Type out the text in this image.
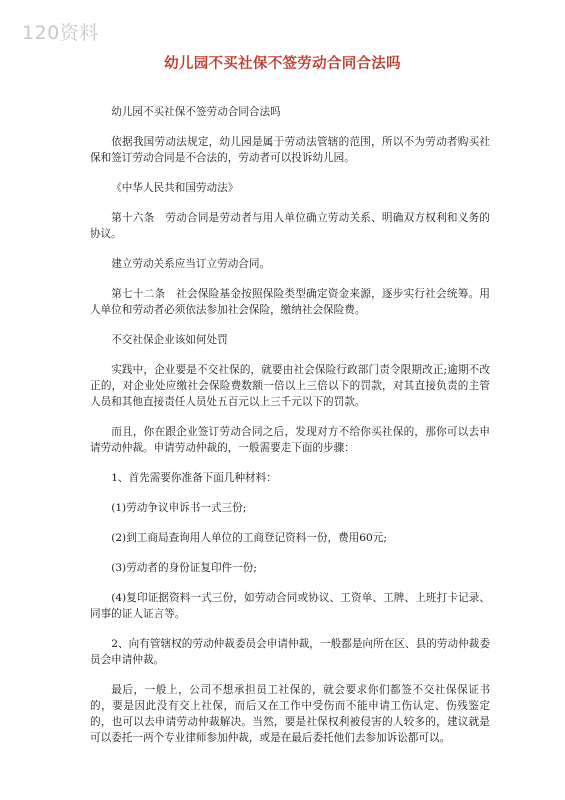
120资料
幼儿园不买社保不签劳动合同合法吗

幼儿园不买社保不签劳动合同合法吗

依据我国劳动法规定，幼儿园是属于劳动法管辖的范围，所以不为劳动者购买社保和签订劳动合同是不合法的，劳动者可以投诉幼儿园。

《中华人民共和国劳动法》

第十六条　劳动合同是劳动者与用人单位确立劳动关系、明确双方权利和义务的协议。

建立劳动关系应当订立劳动合同。

第七十二条　社会保险基金按照保险类型确定资金来源，逐步实行社会统筹。用人单位和劳动者必须依法参加社会保险，缴纳社会保险费。

不交社保企业该如何处罚

实践中，企业要是不交社保的，就要由社会保险行政部门责令限期改正;逾期不改正的，对企业处应缴社会保险费数额一倍以上三倍以下的罚款，对其直接负责的主管人员和其他直接责任人员处五百元以上三千元以下的罚款。

而且，你在跟企业签订劳动合同之后，发现对方不给你买社保的，那你可以去申请劳动仲裁。申请劳动仲裁的，一般需要走下面的步骤：

1、首先需要你准备下面几种材料：

(1)劳动争议申诉书一式三份;

(2)到工商局查询用人单位的工商登记资料一份，费用60元;

(3)劳动者的身份证复印件一份;

(4)复印证据资料一式三份，如劳动合同或协议、工资单、工牌、上班打卡记录、同事的证人证言等。

2、向有管辖权的劳动仲裁委员会申请仲裁，一般都是向所在区、县的劳动仲裁委员会申请仲裁。

最后，一般上，公司不想承担员工社保的，就会要求你们都签不交社保保证书的，要是因此没有交上社保，而后又在工作中受伤而不能申请工伤认定、伤残鉴定的，也可以去申请劳动仲裁解决。当然，要是社保权利被侵害的人较多的，建议就是可以委托一两个专业律师参加仲裁，或是在最后委托他们去参加诉讼都可以。
